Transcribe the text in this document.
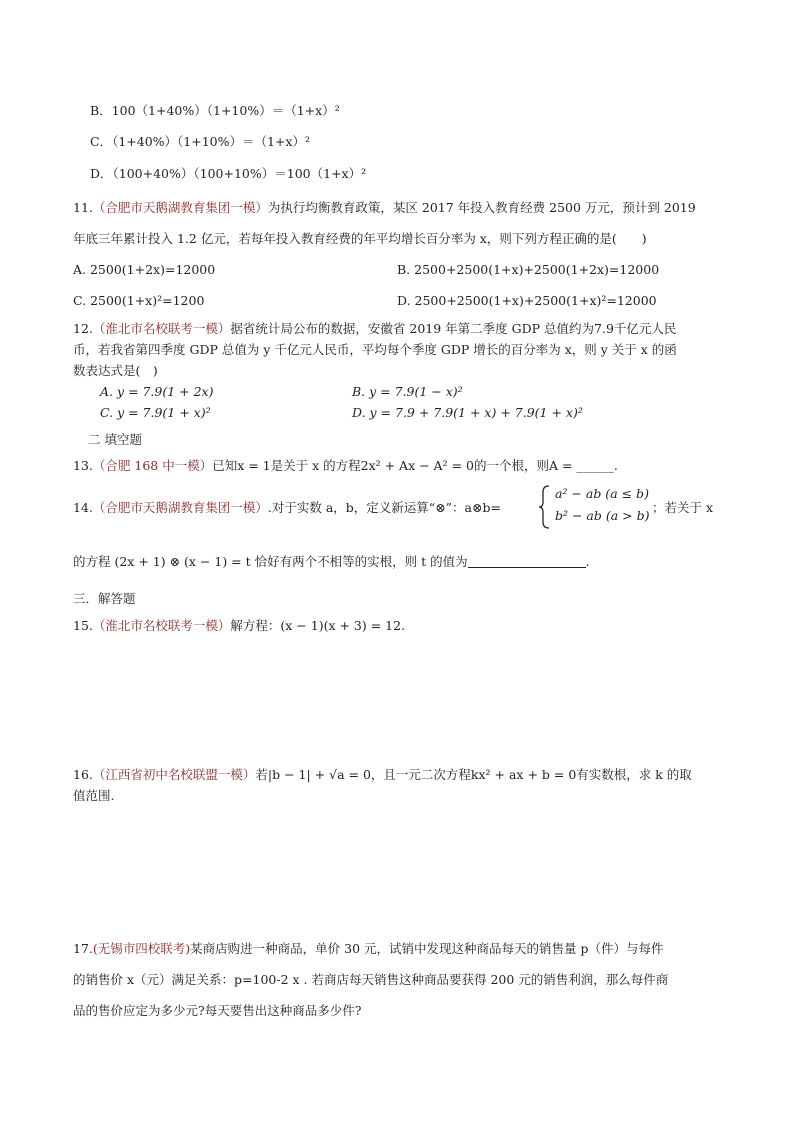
B．100（1+40%）（1+10%）＝（1+x）²
C．（1+40%）（1+10%）＝（1+x）²
D．（100+40%）（100+10%）＝100（1+x）²
11.（合肥市天鹅湖教育集团一模）为执行均衡教育政策，某区 2017 年投入教育经费 2500 万元，预计到 2019
年底三年累计投入 1.2 亿元，若每年投入教育经费的年平均增长百分率为 x，则下列方程正确的是(　　)
A. 2500(1+2x)=12000	B. 2500+2500(1+x)+2500(1+2x)=12000
C. 2500(1+x)²=1200	D. 2500+2500(1+x)+2500(1+x)²=12000
12.（淮北市名校联考一模）据省统计局公布的数据，安徽省 2019 年第二季度 GDP 总值约为7.9千亿元人民
币，若我省第四季度 GDP 总值为 y 千亿元人民币，平均每个季度 GDP 增长的百分率为 x，则 y 关于 x 的函
数表达式是(　)
A. y = 7.9(1 + 2x)	B. y = 7.9(1 − x)²
C. y = 7.9(1 + x)²	D. y = 7.9 + 7.9(1 + x) + 7.9(1 + x)²
二 填空题
13.（合肥 168 中一模）已知x = 1是关于 x 的方程2x² + Ax − A² = 0的一个根，则A = ______.
14.（合肥市天鹅湖教育集团一模）.对于实数 a，b，定义新运算“⊗”：a⊗b=
a² − ab (a ≤ b)
b² − ab (a > b)
；若关于 x
的方程 (2x + 1) ⊗ (x − 1) = t 恰好有两个不相等的实根，则 t 的值为	.
三．解答题
15.（淮北市名校联考一模）解方程：(x − 1)(x + 3) = 12.
16.（江西省初中名校联盟一模）若|b − 1| + √a = 0，且一元二次方程kx² + ax + b = 0有实数根，求 k 的取
值范围.
17.(无锡市四校联考)某商店购进一种商品，单价 30 元，试销中发现这种商品每天的销售量 p（件）与每件
的销售价 x（元）满足关系：p=100-2 x . 若商店每天销售这种商品要获得 200 元的销售利润，那么每件商
品的售价应定为多少元?每天要售出这种商品多少件?
